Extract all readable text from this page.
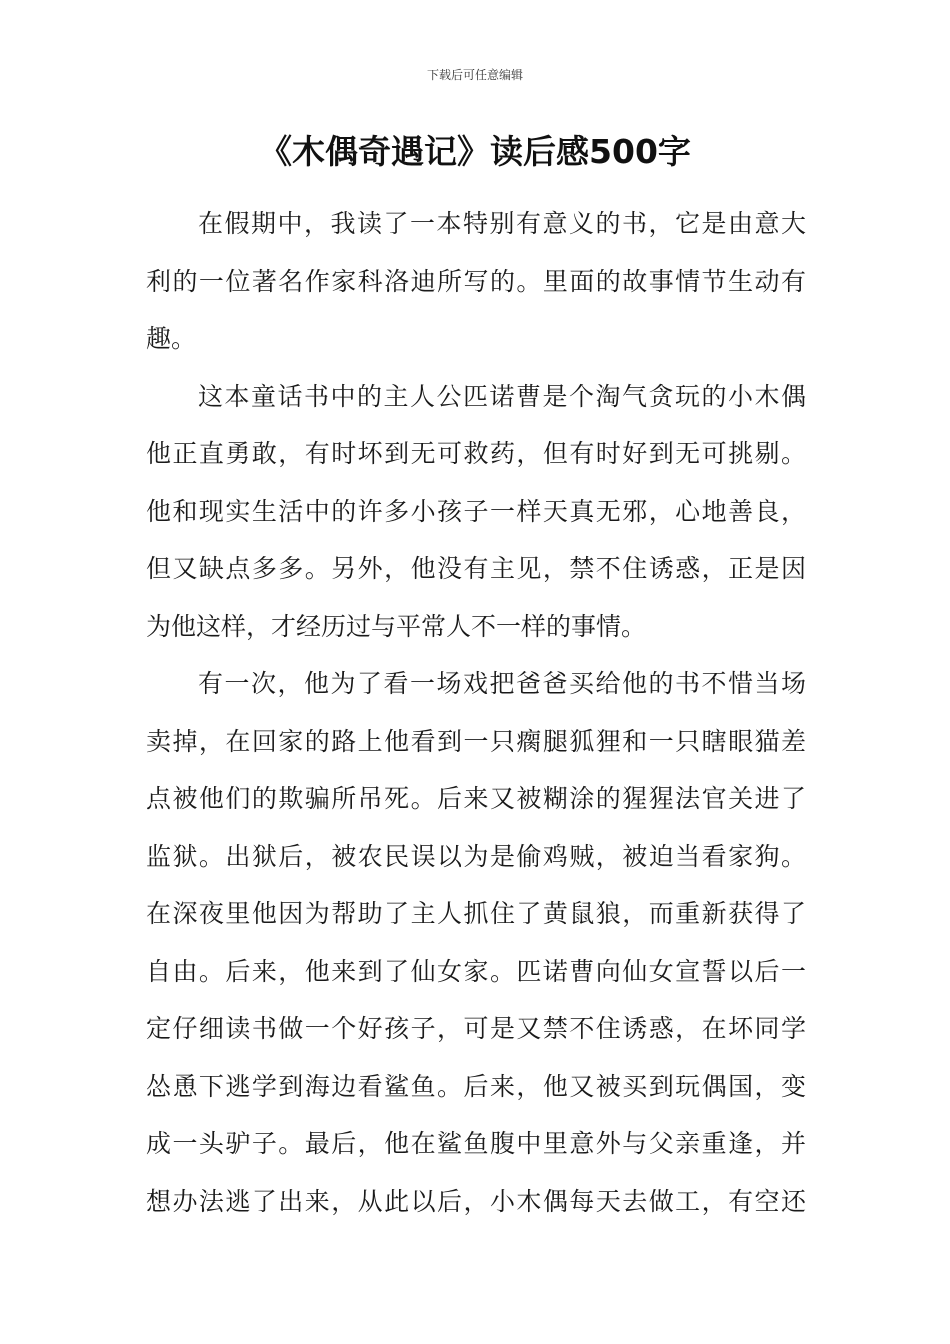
下载后可任意编辑
《木偶奇遇记》读后感500字
在假期中，我读了一本特别有意义的书，它是由意大
利的一位著名作家科洛迪所写的。里面的故事情节生动有
趣。
这本童话书中的主人公匹诺曹是个淘气贪玩的小木偶
他正直勇敢，有时坏到无可救药，但有时好到无可挑剔。
他和现实生活中的许多小孩子一样天真无邪，心地善良，
但又缺点多多。另外，他没有主见，禁不住诱惑，正是因
为他这样，才经历过与平常人不一样的事情。
有一次，他为了看一场戏把爸爸买给他的书不惜当场
卖掉，在回家的路上他看到一只瘸腿狐狸和一只瞎眼猫差
点被他们的欺骗所吊死。后来又被糊涂的猩猩法官关进了
监狱。出狱后，被农民误以为是偷鸡贼，被迫当看家狗。
在深夜里他因为帮助了主人抓住了黄鼠狼，而重新获得了
自由。后来，他来到了仙女家。匹诺曹向仙女宣誓以后一
定仔细读书做一个好孩子，可是又禁不住诱惑，在坏同学
怂恿下逃学到海边看鲨鱼。后来，他又被买到玩偶国，变
成一头驴子。最后，他在鲨鱼腹中里意外与父亲重逢，并
想办法逃了出来，从此以后，小木偶每天去做工，有空还
